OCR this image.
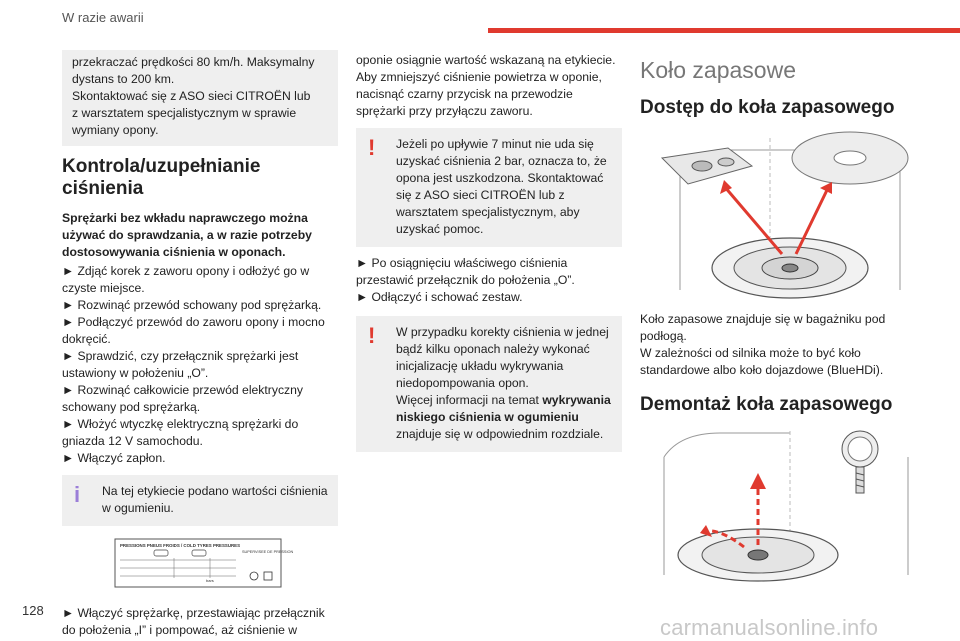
W razie awarii

przekraczać prędkości 80 km/h. Maksymalny
dystans to 200 km.
Skontaktować się z ASO sieci CITROËN lub
z warsztatem specjalistycznym w sprawie
wymiany opony.

Kontrola/uzupełnianie ciśnienia

Sprężarki bez wkładu naprawczego można używać do sprawdzania, a w razie potrzeby dostosowywania ciśnienia w oponach.

► Zdjąć korek z zaworu opony i odłożyć go w czyste miejsce.
► Rozwinąć przewód schowany pod sprężarką.
► Podłączyć przewód do zaworu opony i mocno dokręcić.
► Sprawdzić, czy przełącznik sprężarki jest ustawiony w położeniu „O”.
► Rozwinąć całkowicie przewód elektryczny schowany pod sprężarką.
► Włożyć wtyczkę elektryczną sprężarki do gniazda 12 V samochodu.
► Włączyć zapłon.

i	Na tej etykiecie podano wartości ciśnienia w ogumieniu.

PRESSIONS PNEUS FROIDS / COLD TYRES PRESSURES
SUPERVISEE DE PRESSION
bars

► Włączyć sprężarkę, przestawiając przełącznik do położenia „I” i pompować, aż ciśnienie w

oponie osiągnie wartość wskazaną na etykiecie. Aby zmniejszyć ciśnienie powietrza w oponie, nacisnąć czarny przycisk na przewodzie sprężarki przy przyłączu zaworu.

!	Jeżeli po upływie 7 minut nie uda się uzyskać ciśnienia 2 bar, oznacza to, że opona jest uszkodzona. Skontaktować się z ASO sieci CITROËN lub z warsztatem specjalistycznym, aby uzyskać pomoc.

► Po osiągnięciu właściwego ciśnienia przestawić przełącznik do położenia „O”.
► Odłączyć i schować zestaw.

!	W przypadku korekty ciśnienia w jednej bądź kilku oponach należy wykonać inicjalizację układu wykrywania niedopompowania opon.
Więcej informacji na temat wykrywania niskiego ciśnienia w ogumieniu znajduje się w odpowiednim rozdziale.

Koło zapasowe
Dostęp do koła zapasowego

Koło zapasowe znajduje się w bagażniku pod podłogą.
W zależności od silnika może to być koło standardowe albo koło dojazdowe (BlueHDi).

Demontaż koła zapasowego
128
carmanualsonline.info
